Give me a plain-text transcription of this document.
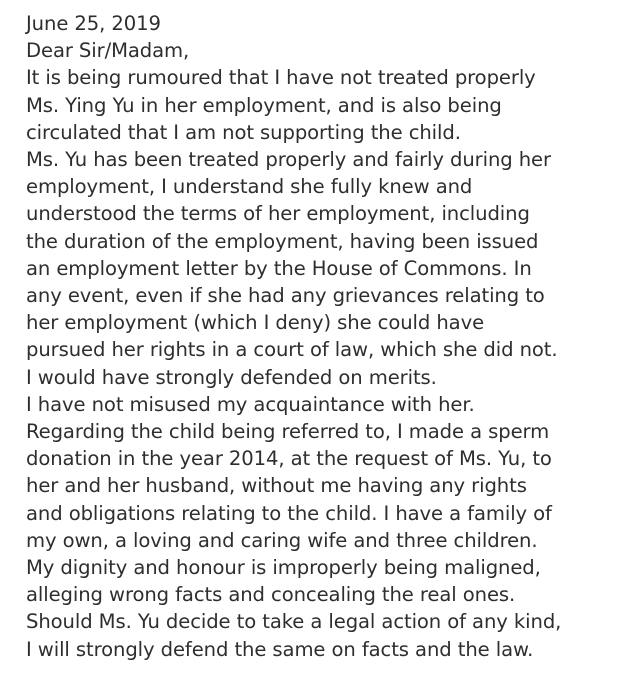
June 25, 2019
Dear Sir/Madam,
It is being rumoured that I have not treated properly
Ms. Ying Yu in her employment, and is also being
circulated that I am not supporting the child.
Ms. Yu has been treated properly and fairly during her
employment, I understand she fully knew and
understood the terms of her employment, including
the duration of the employment, having been issued
an employment letter by the House of Commons. In
any event, even if she had any grievances relating to
her employment (which I deny) she could have
pursued her rights in a court of law, which she did not.
I would have strongly defended on merits.
I have not misused my acquaintance with her.
Regarding the child being referred to, I made a sperm
donation in the year 2014, at the request of Ms. Yu, to
her and her husband, without me having any rights
and obligations relating to the child. I have a family of
my own, a loving and caring wife and three children.
My dignity and honour is improperly being maligned,
alleging wrong facts and concealing the real ones.
Should Ms. Yu decide to take a legal action of any kind,
I will strongly defend the same on facts and the law.
